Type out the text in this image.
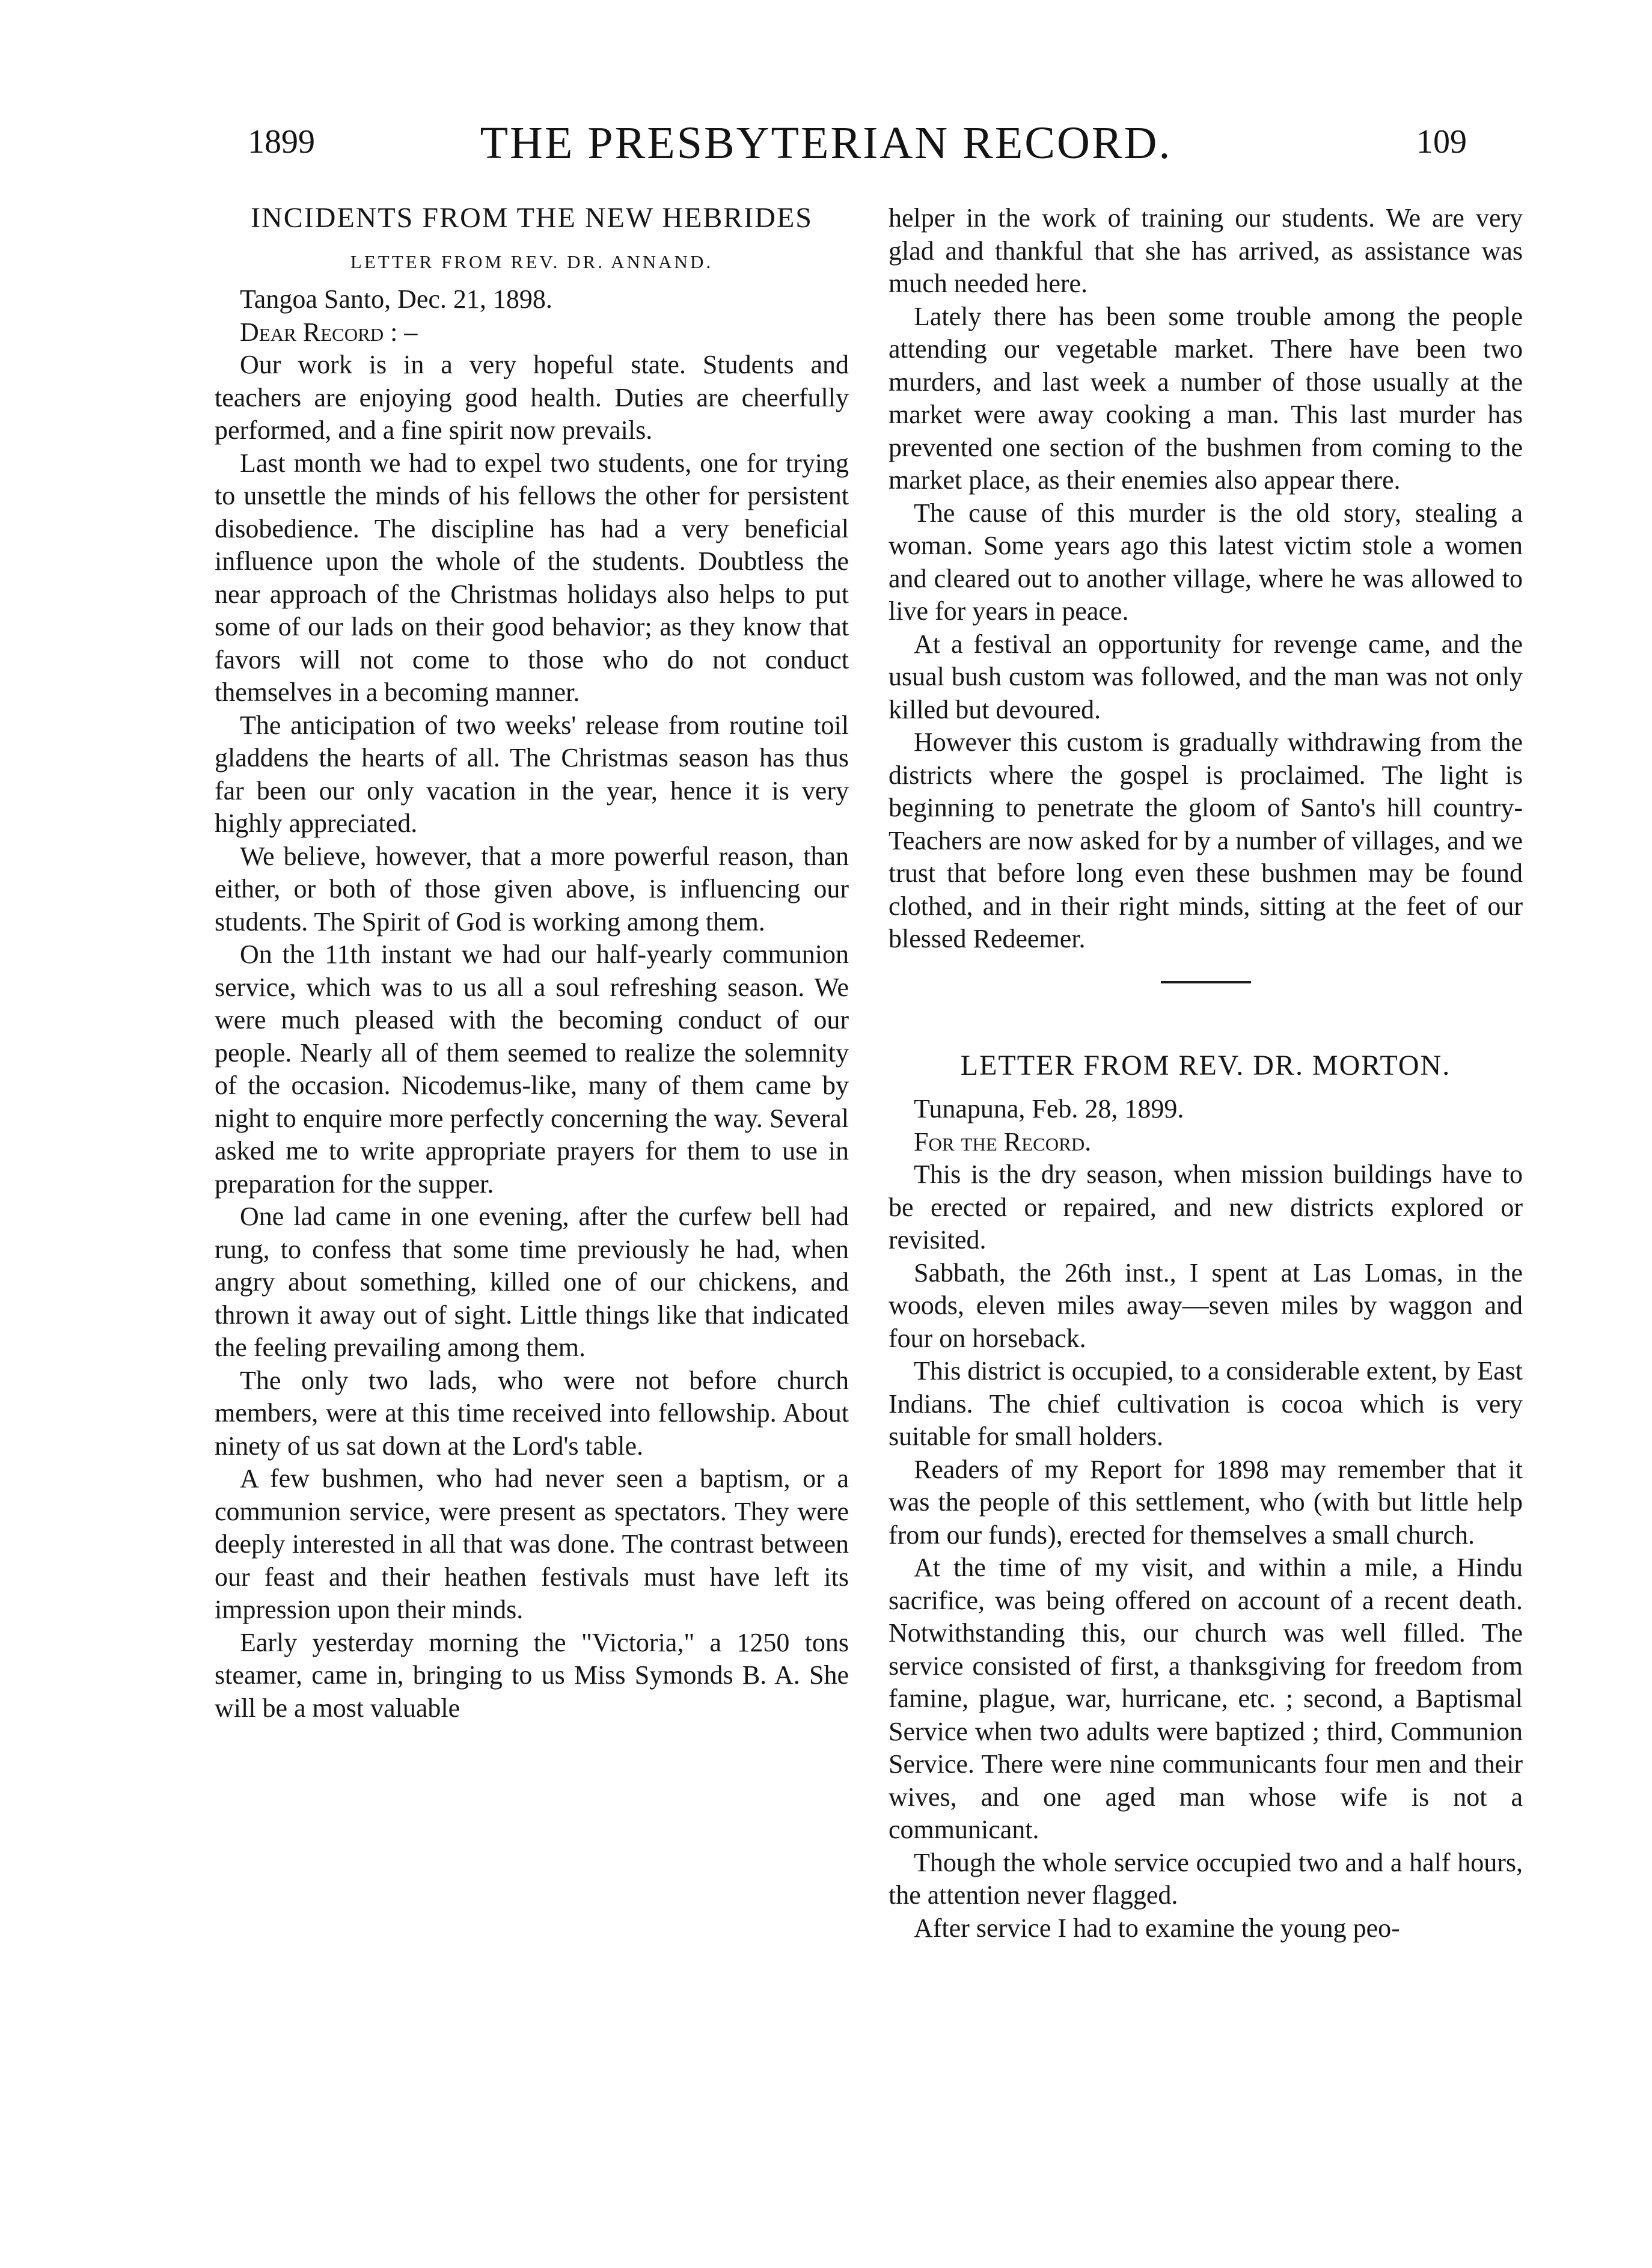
1899	THE PRESBYTERIAN RECORD.	109
INCIDENTS FROM THE NEW HEBRIDES
LETTER FROM REV. DR. ANNAND.

Tangoa Santo, Dec. 21, 1898.

Dear Record : –

Our work is in a very hopeful state. Students and teachers are enjoying good health. Duties are cheerfully performed, and a fine spirit now prevails.

Last month we had to expel two students, one for trying to unsettle the minds of his fellows the other for persistent disobedience. The discipline has had a very beneficial influence upon the whole of the students. Doubtless the near approach of the Christmas holidays also helps to put some of our lads on their good behavior; as they know that favors will not come to those who do not conduct themselves in a becoming manner.

The anticipation of two weeks' release from routine toil gladdens the hearts of all. The Christmas season has thus far been our only vacation in the year, hence it is very highly appreciated.

We believe, however, that a more powerful reason, than either, or both of those given above, is influencing our students. The Spirit of God is working among them.

On the 11th instant we had our half-yearly communion service, which was to us all a soul refreshing season. We were much pleased with the becoming conduct of our people. Nearly all of them seemed to realize the solemnity of the occasion. Nicodemus-like, many of them came by night to enquire more perfectly concerning the way. Several asked me to write appropriate prayers for them to use in preparation for the supper.

One lad came in one evening, after the curfew bell had rung, to confess that some time previously he had, when angry about something, killed one of our chickens, and thrown it away out of sight. Little things like that indicated the feeling prevailing among them.

The only two lads, who were not before church members, were at this time received into fellowship. About ninety of us sat down at the Lord's table.

A few bushmen, who had never seen a baptism, or a communion service, were present as spectators. They were deeply interested in all that was done. The contrast between our feast and their heathen festivals must have left its impression upon their minds.

Early yesterday morning the "Victoria," a 1250 tons steamer, came in, bringing to us Miss Symonds B. A. She will be a most valuable

helper in the work of training our students. We are very glad and thankful that she has arrived, as assistance was much needed here.

Lately there has been some trouble among the people attending our vegetable market. There have been two murders, and last week a number of those usually at the market were away cooking a man. This last murder has prevented one section of the bushmen from coming to the market place, as their enemies also appear there.

The cause of this murder is the old story, stealing a woman. Some years ago this latest victim stole a women and cleared out to another village, where he was allowed to live for years in peace.

At a festival an opportunity for revenge came, and the usual bush custom was followed, and the man was not only killed but devoured.

However this custom is gradually withdrawing from the districts where the gospel is proclaimed. The light is beginning to penetrate the gloom of Santo's hill country- Teachers are now asked for by a number of villages, and we trust that before long even these bushmen may be found clothed, and in their right minds, sitting at the feet of our blessed Redeemer.

LETTER FROM REV. DR. MORTON.

Tunapuna, Feb. 28, 1899.

For the Record.

This is the dry season, when mission buildings have to be erected or repaired, and new districts explored or revisited.

Sabbath, the 26th inst., I spent at Las Lomas, in the woods, eleven miles away—seven miles by waggon and four on horseback.

This district is occupied, to a considerable extent, by East Indians. The chief cultivation is cocoa which is very suitable for small holders.

Readers of my Report for 1898 may remember that it was the people of this settlement, who (with but little help from our funds), erected for themselves a small church.

At the time of my visit, and within a mile, a Hindu sacrifice, was being offered on account of a recent death. Notwithstanding this, our church was well filled. The service consisted of first, a thanksgiving for freedom from famine, plague, war, hurricane, etc. ; second, a Baptismal Service when two adults were baptized ; third, Communion Service. There were nine communicants four men and their wives, and one aged man whose wife is not a communicant.

Though the whole service occupied two and a half hours, the attention never flagged.

After service I had to examine the young peo-
